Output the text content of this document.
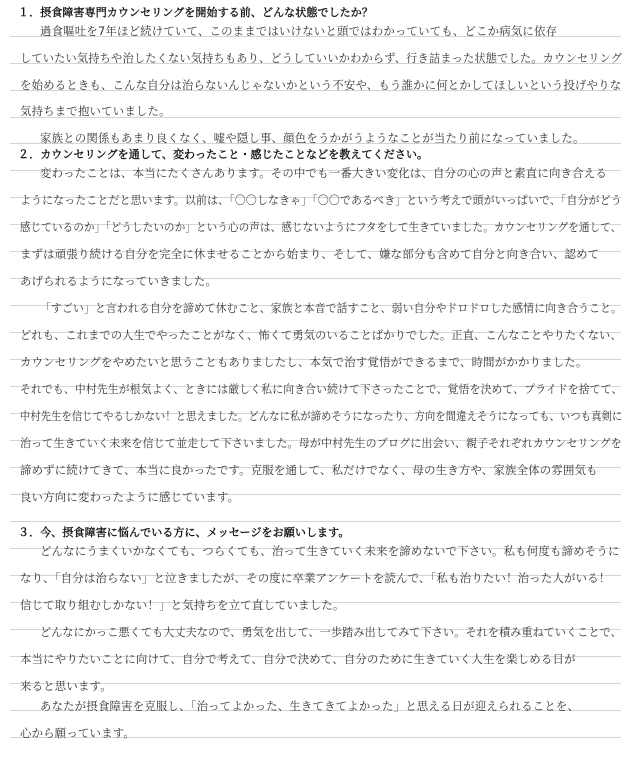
１．摂食障害専門カウンセリングを開始する前、どんな状態でしたか？
過食嘔吐を7年ほど続けていて、このままではいけないと頭ではわかっていても、どこか病気に依存
していたい気持ちや治したくない気持ちもあり、どうしていいかわからず、行き詰まった状態でした。カウンセリング
を始めるときも、こんな自分は治らないんじゃないかという不安や、もう誰かに何とかしてほしいという投げやりな
気持ちまで抱いていました。
家族との関係もあまり良くなく、嘘や隠し事、顔色をうかがうようなことが当たり前になっていました。
２．カウンセリングを通して、変わったこと・感じたことなどを教えてください。
変わったことは、本当にたくさんあります。その中でも一番大きい変化は、自分の心の声と素直に向き合える
ようになったことだと思います。以前は、「〇〇しなきゃ」「〇〇であるべき」という考えで頭がいっぱいで、「自分がどう
感じているのか」「どうしたいのか」という心の声は、感じないようにフタをして生きていました。カウンセリングを通して、
まずは頑張り続ける自分を完全に休ませることから始まり、そして、嫌な部分も含めて自分と向き合い、認めて
あげられるようになっていきました。
「すごい」と言われる自分を諦めて休むこと、家族と本音で話すこと、弱い自分やドロドロした感情に向き合うこと。
どれも、これまでの人生でやったことがなく、怖くて勇気のいることばかりでした。正直、こんなことやりたくない、
カウンセリングをやめたいと思うこともありましたし、本気で治す覚悟ができるまで、時間がかかりました。
それでも、中村先生が根気よく、ときには厳しく私に向き合い続けて下さったことで、覚悟を決めて、プライドを捨てて、
中村先生を信じてやるしかない！と思えました。どんなに私が諦めそうになったり、方向を間違えそうになっても、いつも真剣に
治って生きていく未来を信じて並走して下さいました。母が中村先生のブログに出会い、親子それぞれカウンセリングを
諦めずに続けてきて、本当に良かったです。克服を通して、私だけでなく、母の生き方や、家族全体の雰囲気も
良い方向に変わったように感じています。
３．今、摂食障害に悩んでいる方に、メッセージをお願いします。
どんなにうまくいかなくても、つらくても、治って生きていく未来を諦めないで下さい。私も何度も諦めそうに
なり、「自分は治らない」と泣きましたが、その度に卒業アンケートを読んで、「私も治りたい！治った人がいる！
信じて取り組むしかない！」と気持ちを立て直していました。
どんなにかっこ悪くても大丈夫なので、勇気を出して、一歩踏み出してみて下さい。それを積み重ねていくことで、
本当にやりたいことに向けて、自分で考えて、自分で決めて、自分のために生きていく人生を楽しめる日が
来ると思います。
あなたが摂食障害を克服し、「治ってよかった、生きてきてよかった」と思える日が迎えられることを、
心から願っています。
